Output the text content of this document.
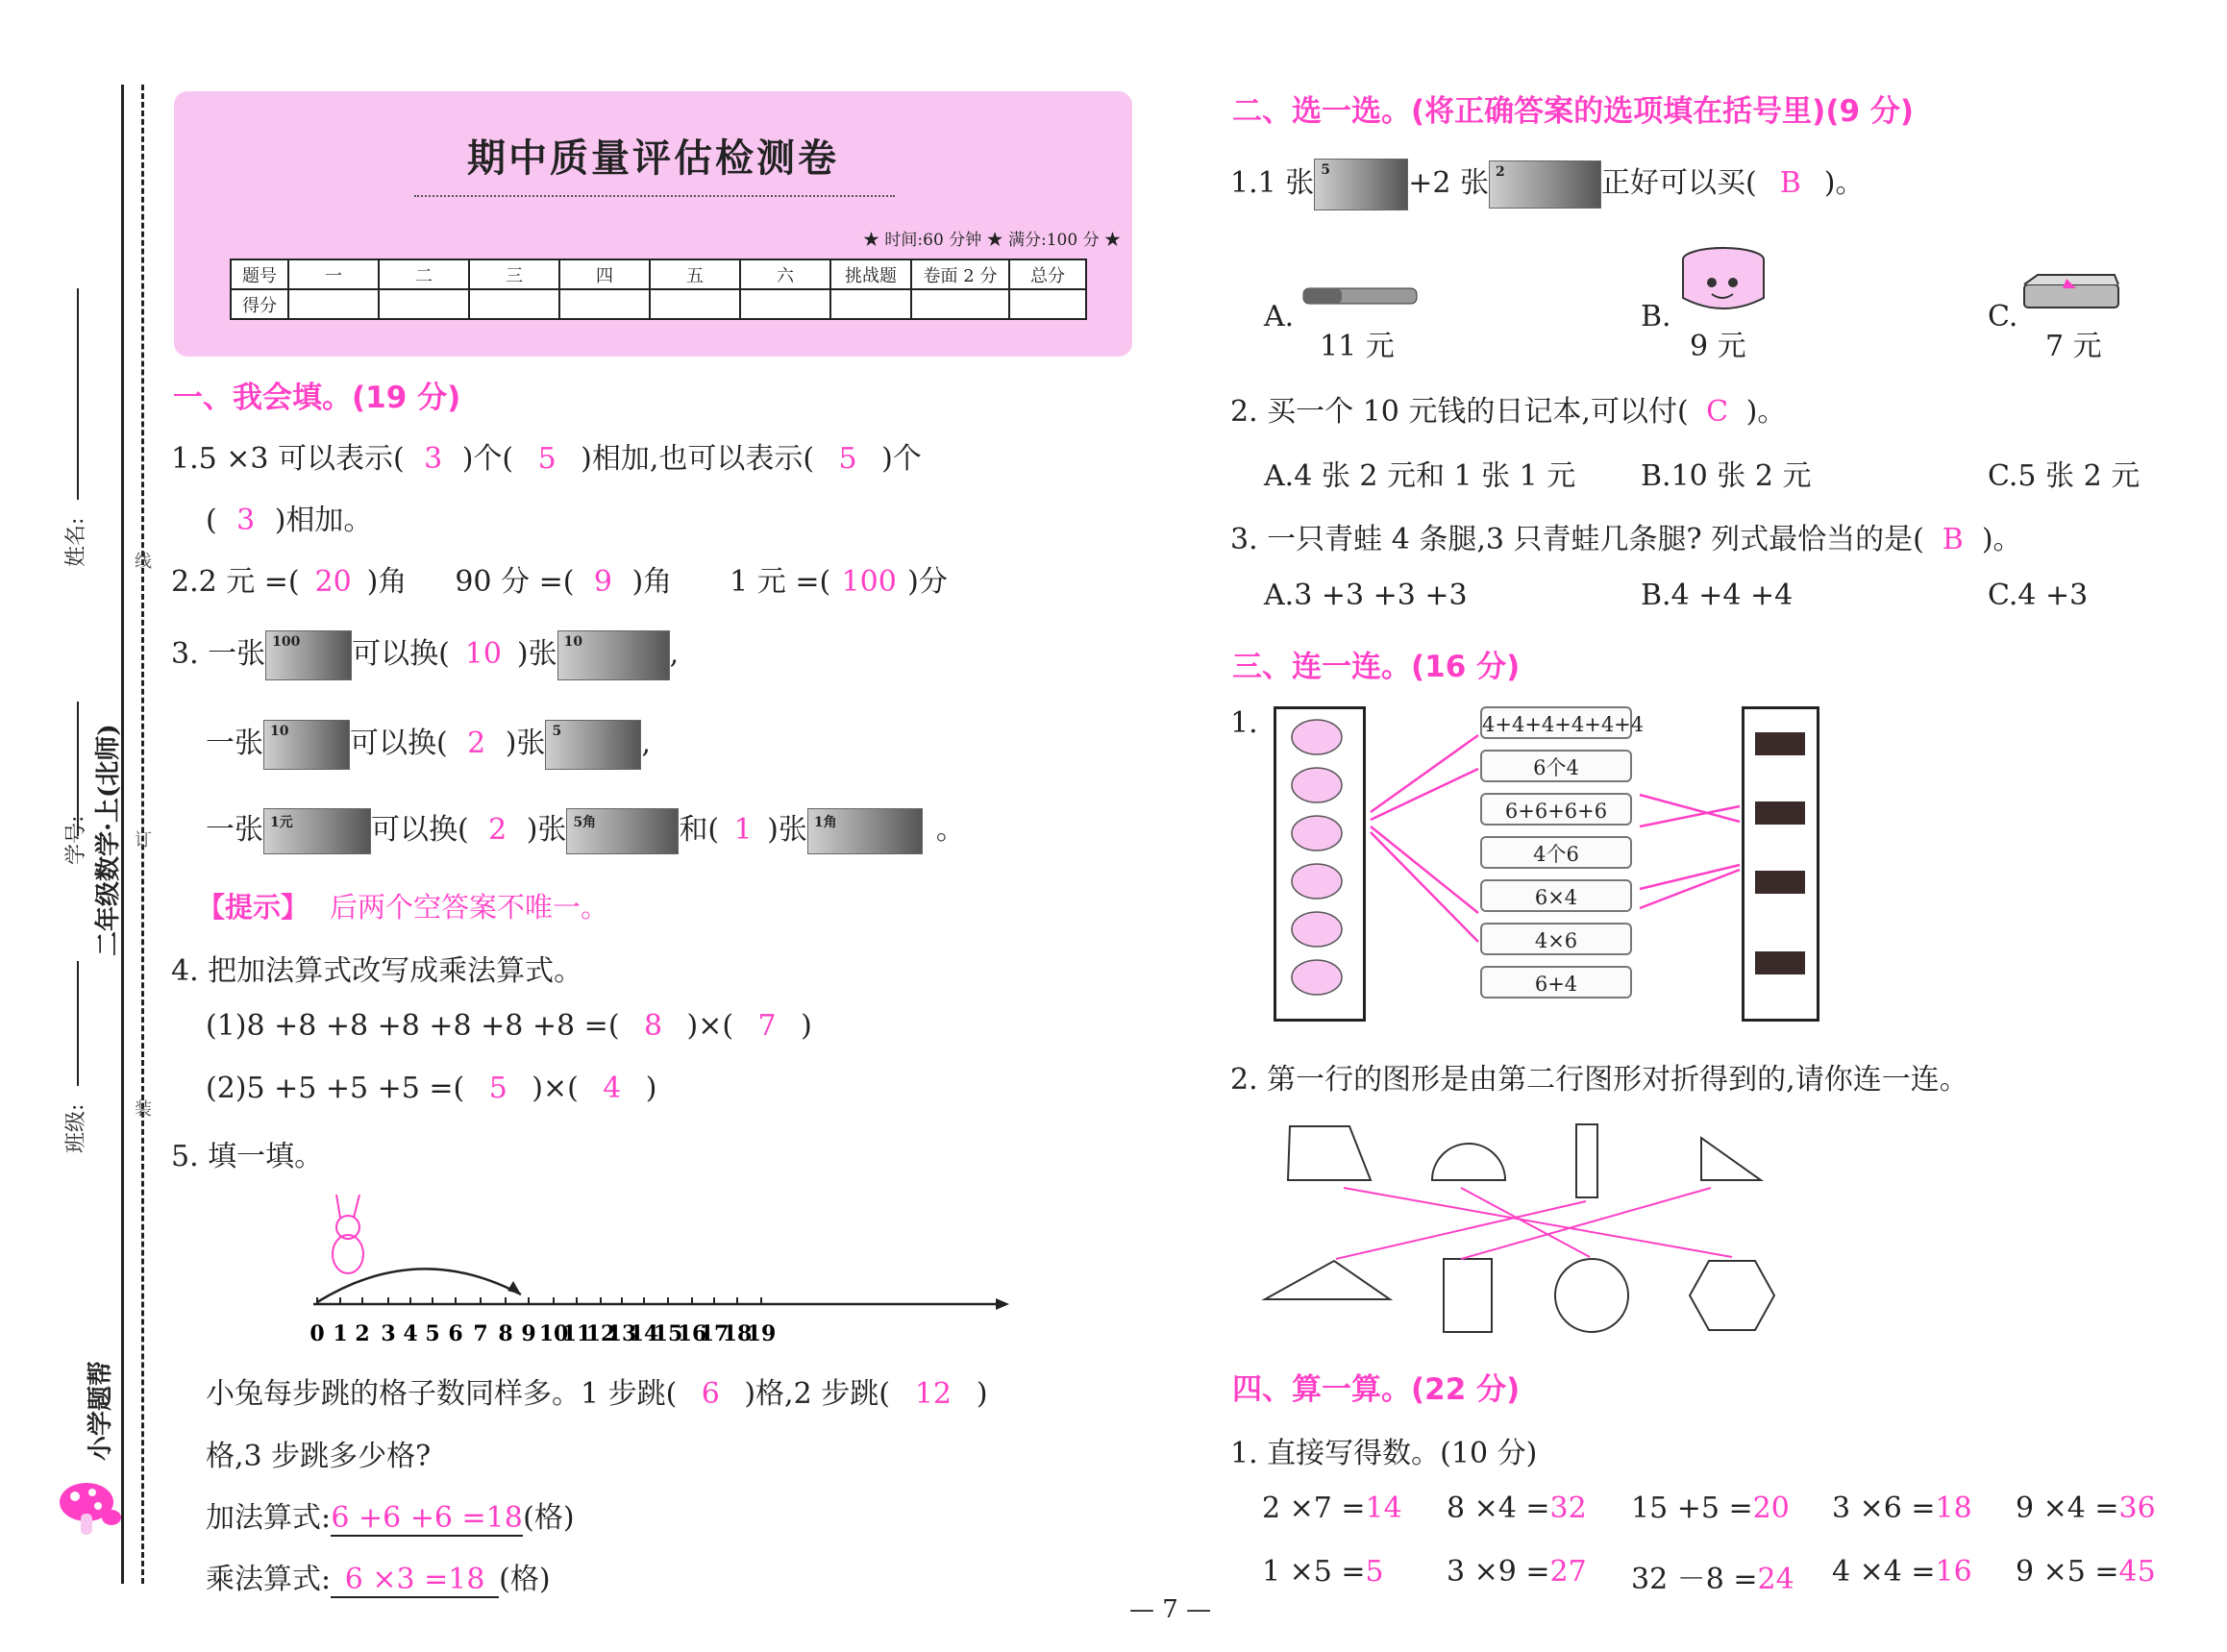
姓名:
学号:
班级:
二年级数学·上(北师)
小学题帮
线
订
装
期中质量评估检测卷
★ 时间:60 分钟 ★ 满分:100 分 ★
题号	一	二	三	四	五	六	挑战题	卷面 2 分	总分
得分									
一、我会填。(19 分)
1.5 ×3 可以表示( 3 )个( 5 )相加,也可以表示( 5 )个
( 3 )相加。
2.2 元 =( 20 )角 90 分 =( 9 )角 1 元 =( 100 )分
3. 一张 100 可以换( 10 )张 10	,
一张 10 可以换( 2 )张 5	,
一张 1元	可以换( 2 )张 5角	和( 1 )张 1角	。
【提示】 后两个空答案不唯一。
4. 把加法算式改写成乘法算式。
(1)8 +8 +8 +8 +8 +8 +8 =( 8 )×( 7 )
(2)5 +5 +5 +5 =( 5 )×( 4 )
5. 填一填。
0 1 2 3 4 5 6 7 8 9 10
11
12
13
14
15
16
17
18
19
小兔每步跳的格子数同样多。1 步跳( 6 )格,2 步跳( 12 )
格,3 步跳多少格?
加法算式:6 +6 +6 =18(格)
乘法算式: 6 ×3 =18 (格)
二、选一选。(将正确答案的选项填在括号里)(9 分)
1.1 张 5	+2 张 2	正好可以买( B )。
A.
11 元
B.
9 元
C.
7 元
2. 买一个 10 元钱的日记本,可以付( C )。
A.4 张 2 元和 1 张 1 元 B.10 张 2 元	C.5 张 2 元
3. 一只青蛙 4 条腿,3 只青蛙几条腿? 列式最恰当的是( B )。
A.3 +3 +3 +3	B.4 +4 +4	C.4 +3
三、连一连。(16 分)
1.	4+4+4+4+4+4
6个4
6+6+6+6
4个6
6×4
4×6
6+4
2. 第一行的图形是由第二行图形对折得到的,请你连一连。
四、算一算。(22 分)
1. 直接写得数。(10 分)
2 ×7 =14 8 ×4 =32 15 +5 =20 3 ×6 =18 9 ×4 =36
1 ×5 =5 3 ×9 =27 32 －8 =24 4 ×4 =16 9 ×5 =45
— 7 —
